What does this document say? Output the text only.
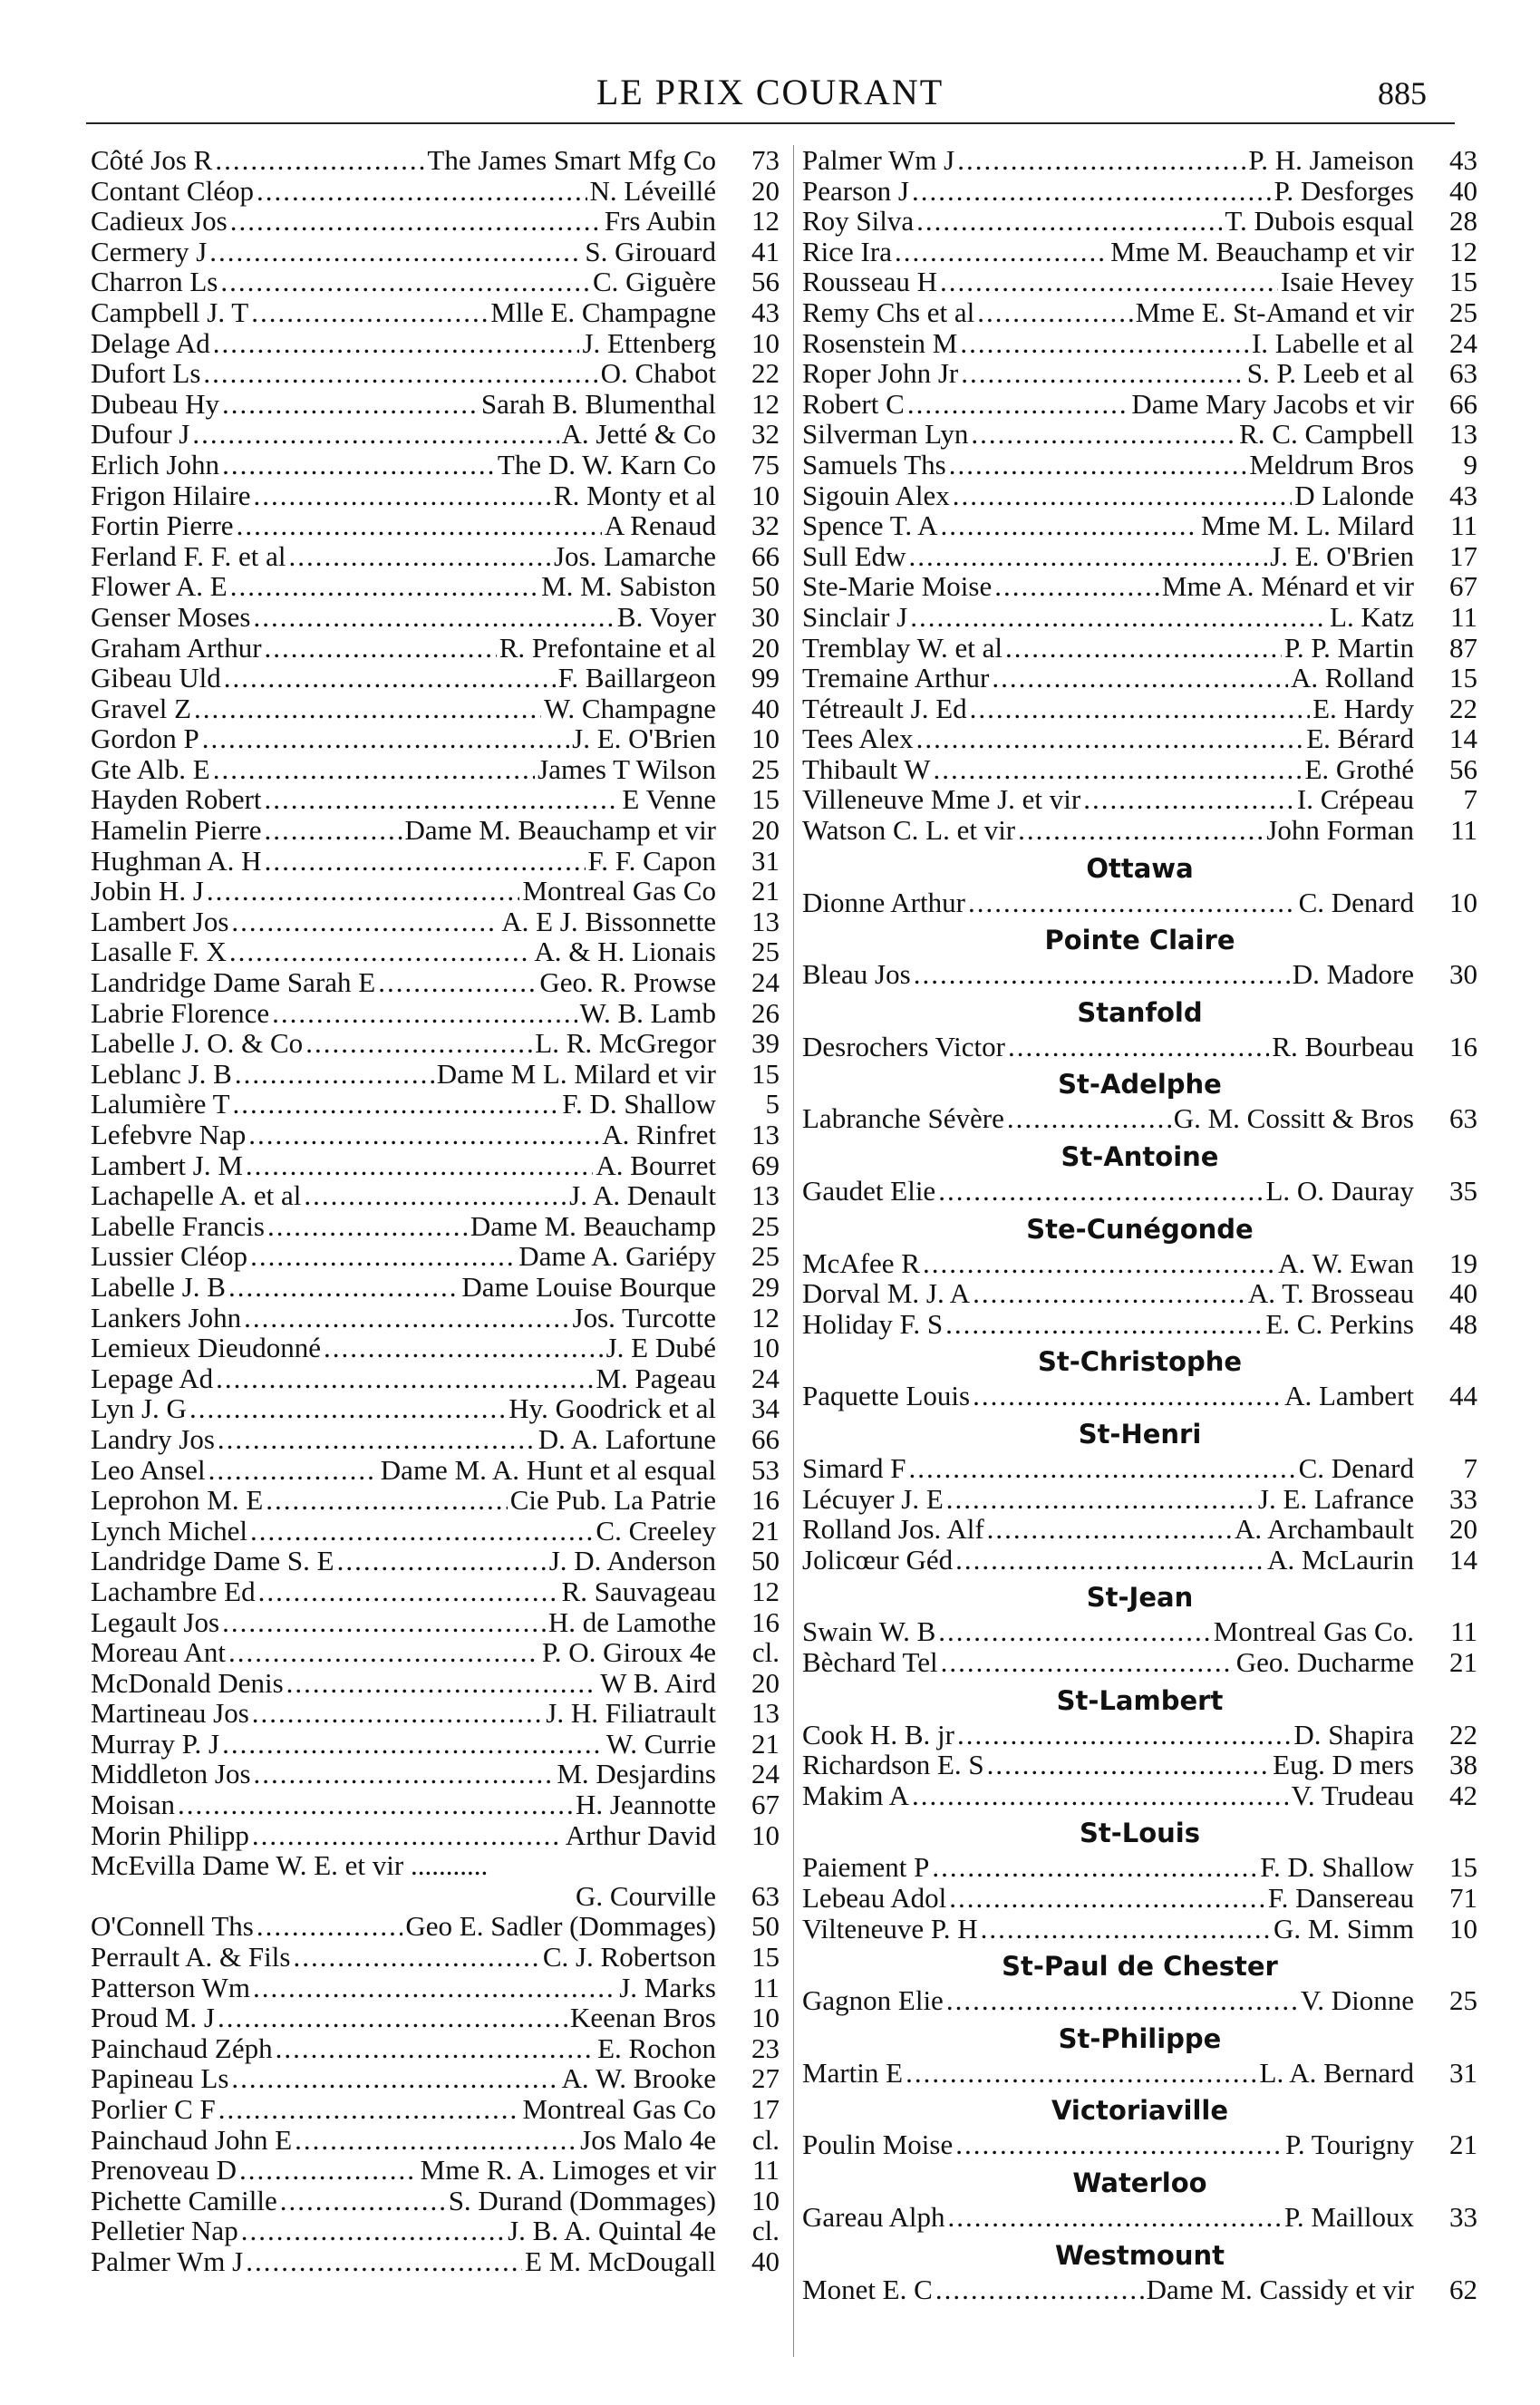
LE PRIX COURANT	885
Côté Jos R .....	The James Smart Mfg Co	73
Contant Cléop .....	N. Léveillé	20
Cadieux Jos .....	Frs Aubin	12
Cermery J .....	S. Girouard	41
Charron Ls .....	C. Giguère	56
Campbell J. T .....	Mlle E. Champagne	43
Delage Ad .....	J. Ettenberg	10
Dufort Ls .....	O. Chabot	22
Dubeau Hy .....	Sarah B. Blumenthal	12
Dufour J .....	A. Jetté & Co	32
Erlich John .....	The D. W. Karn Co	75
Frigon Hilaire .....	R. Monty et al	10
Fortin Pierre .....	A Renaud	32
Ferland F. F. et al .....	Jos. Lamarche	66
Flower A. E .....	M. M. Sabiston	50
Genser Moses .....	B. Voyer	30
Graham Arthur .....	R. Prefontaine et al	20
Gibeau Uld .....	F. Baillargeon	99
Gravel Z .....	W. Champagne	40
Gordon P .....	J. E. O'Brien	10
Gte Alb. E .....	James T Wilson	25
Hayden Robert .....	E Venne	15
Hamelin Pierre .....	Dame M. Beauchamp et vir	20
Hughman A. H .....	F. F. Capon	31
Jobin H. J .....	Montreal Gas Co	21
Lambert Jos .....	A. E J. Bissonnette	13
Lasalle F. X .....	A. & H. Lionais	25
Landridge Dame Sarah E .....	Geo. R. Prowse	24
Labrie Florence .....	W. B. Lamb	26
Labelle J. O. & Co .....	L. R. McGregor	39
Leblanc J. B .....	Dame M L. Milard et vir	15
Lalumière T .....	F. D. Shallow	5
Lefebvre Nap .....	A. Rinfret	13
Lambert J. M .....	A. Bourret	69
Lachapelle A. et al .....	J. A. Denault	13
Labelle Francis .....	Dame M. Beauchamp	25
Lussier Cléop .....	Dame A. Gariépy	25
Labelle J. B .....	Dame Louise Bourque	29
Lankers John .....	Jos. Turcotte	12
Lemieux Dieudonné .....	J. E Dubé	10
Lepage Ad .....	M. Pageau	24
Lyn J. G .....	Hy. Goodrick et al	34
Landry Jos .....	D. A. Lafortune	66
Leo Ansel .....	Dame M. A. Hunt et al esqual	53
Leprohon M. E .....	Cie Pub. La Patrie	16
Lynch Michel .....	C. Creeley	21
Landridge Dame S. E .....	J. D. Anderson	50
Lachambre Ed .....	R. Sauvageau	12
Legault Jos .....	H. de Lamothe	16
Moreau Ant .....	P. O. Giroux 4e	cl.
McDonald Denis .....	W B. Aird	20
Martineau Jos .....	J. H. Filiatrault	13
Murray P. J .....	W. Currie	21
Middleton Jos .....	M. Desjardins	24
Moisan .....	H. Jeannotte	67
Morin Philipp .....	Arthur David	10
McEvilla Dame W. E. et vir ...........
G. Courville	63
O'Connell Ths .....	Geo E. Sadler (Dommages)	50
Perrault A. & Fils .....	C. J. Robertson	15
Patterson Wm .....	J. Marks	11
Proud M. J .....	Keenan Bros	10
Painchaud Zéph .....	E. Rochon	23
Papineau Ls .....	A. W. Brooke	27
Porlier C F .....	Montreal Gas Co	17
Painchaud John E .....	Jos Malo 4e	cl.
Prenoveau D .....	Mme R. A. Limoges et vir	11
Pichette Camille .....	S. Durand (Dommages)	10
Pelletier Nap .....	J. B. A. Quintal 4e	cl.
Palmer Wm J .....	E M. McDougall	40
Palmer Wm J .....	P. H. Jameison	43
Pearson J .....	P. Desforges	40
Roy Silva .....	T. Dubois esqual	28
Rice Ira .....	Mme M. Beauchamp et vir	12
Rousseau H .....	Isaie Hevey	15
Remy Chs et al .....	Mme E. St-Amand et vir	25
Rosenstein M .....	I. Labelle et al	24
Roper John Jr .....	S. P. Leeb et al	63
Robert C .....	Dame Mary Jacobs et vir	66
Silverman Lyn .....	R. C. Campbell	13
Samuels Ths .....	Meldrum Bros	9
Sigouin Alex .....	D Lalonde	43
Spence T. A .....	Mme M. L. Milard	11
Sull Edw .....	J. E. O'Brien	17
Ste-Marie Moise .....	Mme A. Ménard et vir	67
Sinclair J .....	L. Katz	11
Tremblay W. et al .....	P. P. Martin	87
Tremaine Arthur .....	A. Rolland	15
Tétreault J. Ed .....	E. Hardy	22
Tees Alex .....	E. Bérard	14
Thibault W .....	E. Grothé	56
Villeneuve Mme J. et vir .....	I. Crépeau	7
Watson C. L. et vir .....	John Forman	11
Ottawa
Dionne Arthur .....	C. Denard	10
Pointe Claire
Bleau Jos .....	D. Madore	30
Stanfold
Desrochers Victor .....	R. Bourbeau	16
St-Adelphe
Labranche Sévère .....	G. M. Cossitt & Bros	63
St-Antoine
Gaudet Elie .....	L. O. Dauray	35
Ste-Cunégonde
McAfee R .....	A. W. Ewan	19
Dorval M. J. A .....	A. T. Brosseau	40
Holiday F. S .....	E. C. Perkins	48
St-Christophe
Paquette Louis .....	A. Lambert	44
St-Henri
Simard F .....	C. Denard	7
Lécuyer J. E .....	J. E. Lafrance	33
Rolland Jos. Alf .....	A. Archambault	20
Jolicœur Géd .....	A. McLaurin	14
St-Jean
Swain W. B .....	Montreal Gas Co.	11
Bèchard Tel .....	Geo. Ducharme	21
St-Lambert
Cook H. B. jr .....	D. Shapira	22
Richardson E. S .....	Eug. D mers	38
Makim A .....	V. Trudeau	42
St-Louis
Paiement P .....	F. D. Shallow	15
Lebeau Adol .....	F. Dansereau	71
Vilteneuve P. H .....	G. M. Simm	10
St-Paul de Chester
Gagnon Elie .....	V. Dionne	25
St-Philippe
Martin E .....	L. A. Bernard	31
Victoriaville
Poulin Moise .....	P. Tourigny	21
Waterloo
Gareau Alph .....	P. Mailloux	33
Westmount
Monet E. C .....	Dame M. Cassidy et vir	62
